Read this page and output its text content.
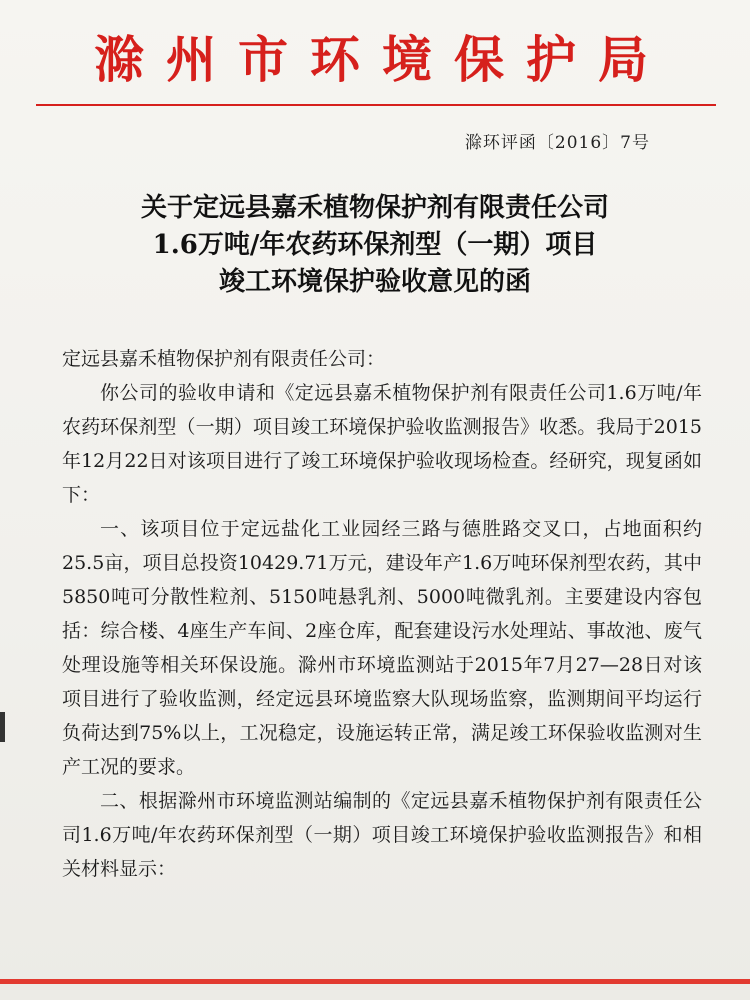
滁州市环境保护局
滁环评函〔2016〕7号
关于定远县嘉禾植物保护剂有限责任公司
1.6万吨/年农药环保剂型（一期）项目
竣工环境保护验收意见的函

定远县嘉禾植物保护剂有限责任公司：

你公司的验收申请和《定远县嘉禾植物保护剂有限责任公司1.6万吨/年农药环保剂型（一期）项目竣工环境保护验收监测报告》收悉。我局于2015年12月22日对该项目进行了竣工环境保护验收现场检查。经研究，现复函如下：

一、该项目位于定远盐化工业园经三路与德胜路交叉口，占地面积约25.5亩，项目总投资10429.71万元，建设年产1.6万吨环保剂型农药，其中5850吨可分散性粒剂、5150吨悬乳剂、5000吨微乳剂。主要建设内容包括：综合楼、4座生产车间、2座仓库，配套建设污水处理站、事故池、废气处理设施等相关环保设施。滁州市环境监测站于2015年7月27—28日对该项目进行了验收监测，经定远县环境监察大队现场监察，监测期间平均运行负荷达到75%以上，工况稳定，设施运转正常，满足竣工环保验收监测对生产工况的要求。

二、根据滁州市环境监测站编制的《定远县嘉禾植物保护剂有限责任公司1.6万吨/年农药环保剂型（一期）项目竣工环境保护验收监测报告》和相关材料显示：
